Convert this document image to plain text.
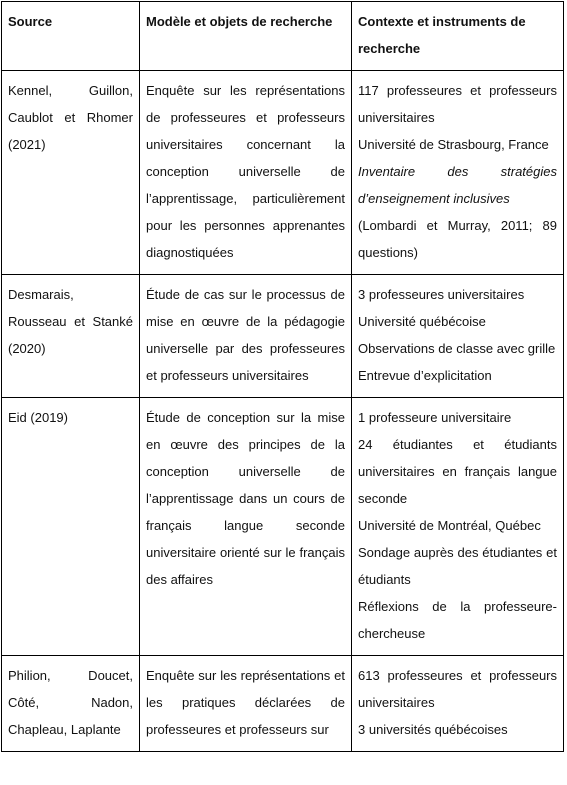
Source	Modèle et objets de recherche	Contexte et instruments de recherche
Kennel, Guillon, Caublot et Rhomer (2021)	Enquête sur les représentations de professeures et professeurs universitaires concernant la conception universelle de l’apprentissage, particulièrement pour les personnes apprenantes diagnostiquées	117 professeures et professeurs universitaires
Université de Strasbourg, France
Inventaire des stratégies d’enseignement inclusives
(Lombardi et Murray, 2011; 89 questions)

Desmarais, Rousseau et Stanké (2020)	Étude de cas sur le processus de mise en œuvre de la pédagogie universelle par des professeures et professeurs universitaires	3 professeures universitaires
Université québécoise
Observations de classe avec grille
Entrevue d’explicitation

Eid (2019)	Étude de conception sur la mise en œuvre des principes de la conception universelle de l’apprentissage dans un cours de français langue seconde universitaire orienté sur le français des affaires	1 professeure universitaire
24 étudiantes et étudiants universitaires en français langue seconde
Université de Montréal, Québec
Sondage auprès des étudiantes et étudiants
Réflexions de la professeure-chercheuse

Philion, Doucet, Côté, Nadon, Chapleau, Laplante	Enquête sur les représentations et les pratiques déclarées de professeures et professeurs sur	613 professeures et professeurs universitaires
3 universités québécoises
